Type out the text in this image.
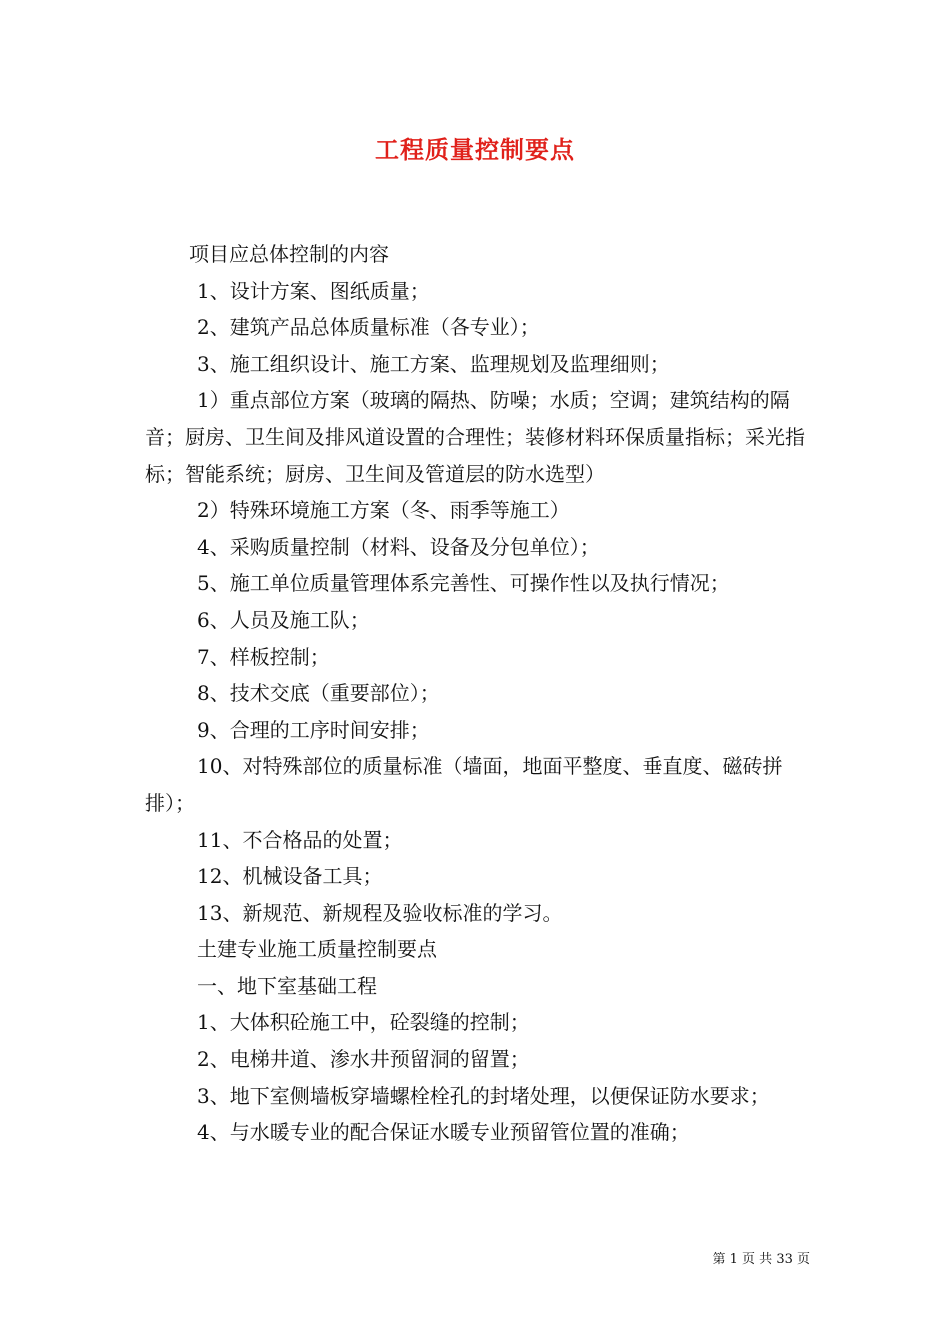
工程质量控制要点

项目应总体控制的内容

1、设计方案、图纸质量；

2、建筑产品总体质量标准（各专业）；

3、施工组织设计、施工方案、监理规划及监理细则；

1）重点部位方案（玻璃的隔热、防噪；水质；空调；建筑结构的隔音；厨房、卫生间及排风道设置的合理性；装修材料环保质量指标；采光指标；智能系统；厨房、卫生间及管道层的防水选型）

2）特殊环境施工方案（冬、雨季等施工）

4、采购质量控制（材料、设备及分包单位）；

5、施工单位质量管理体系完善性、可操作性以及执行情况；

6、人员及施工队；

7、样板控制；

8、技术交底（重要部位）；

9、合理的工序时间安排；

10、对特殊部位的质量标准（墙面，地面平整度、垂直度、磁砖拼排）；

11、不合格品的处置；

12、机械设备工具；

13、新规范、新规程及验收标准的学习。

土建专业施工质量控制要点

一、地下室基础工程

1、大体积砼施工中，砼裂缝的控制；

2、电梯井道、渗水井预留洞的留置；

3、地下室侧墙板穿墙螺栓栓孔的封堵处理，以便保证防水要求；

4、与水暖专业的配合保证水暖专业预留管位置的准确；

第 1 页 共 33 页
